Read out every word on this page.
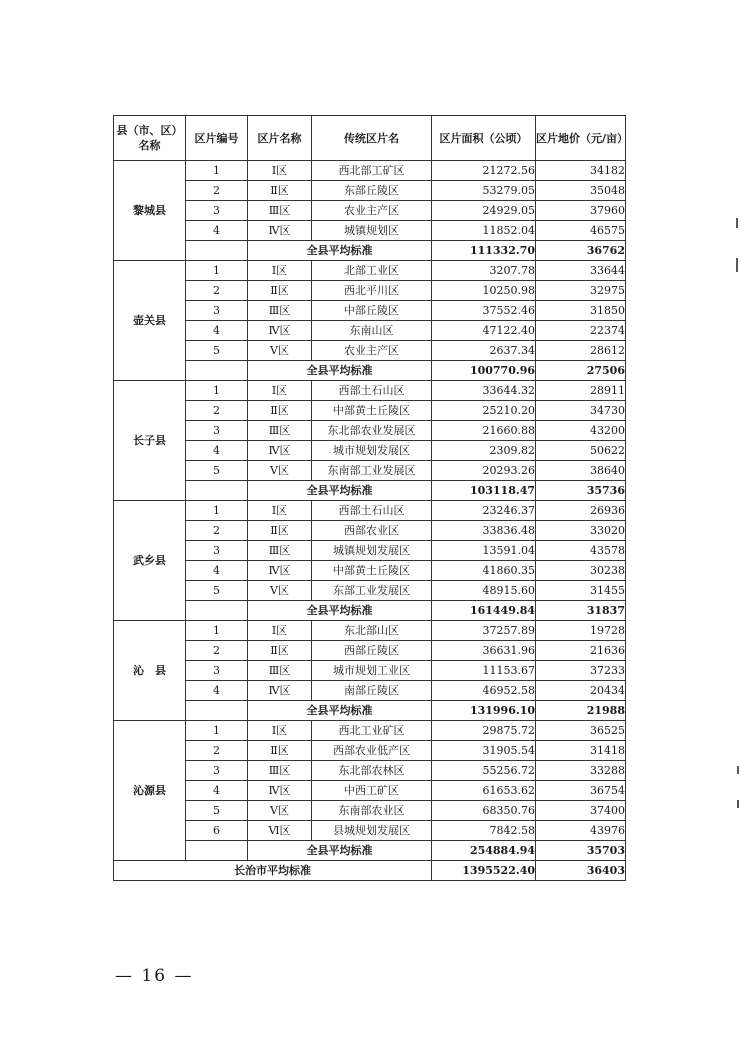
县（市、区）名称	区片编号	区片名称	传统区片名	区片面积（公顷）	区片地价（元/亩）
黎城县	1	Ⅰ区	西北部工矿区	21272.56	34182
	2	Ⅱ区	东部丘陵区	53279.05	35048
	3	Ⅲ区	农业主产区	24929.05	37960
	4	Ⅳ区	城镇规划区	11852.04	46575
		全县平均标准		111332.70	36762
壶关县	1	Ⅰ区	北部工业区	3207.78	33644
	2	Ⅱ区	西北平川区	10250.98	32975
	3	Ⅲ区	中部丘陵区	37552.46	31850
	4	Ⅳ区	东南山区	47122.40	22374
	5	Ⅴ区	农业主产区	2637.34	28612
		全县平均标准		100770.96	27506
长子县	1	Ⅰ区	西部土石山区	33644.32	28911
	2	Ⅱ区	中部黄土丘陵区	25210.20	34730
	3	Ⅲ区	东北部农业发展区	21660.88	43200
	4	Ⅳ区	城市规划发展区	2309.82	50622
	5	Ⅴ区	东南部工业发展区	20293.26	38640
		全县平均标准		103118.47	35736
武乡县	1	Ⅰ区	西部土石山区	23246.37	26936
	2	Ⅱ区	西部农业区	33836.48	33020
	3	Ⅲ区	城镇规划发展区	13591.04	43578
	4	Ⅳ区	中部黄土丘陵区	41860.35	30238
	5	Ⅴ区	东部工业发展区	48915.60	31455
		全县平均标准		161449.84	31837
沁　县	1	Ⅰ区	东北部山区	37257.89	19728
	2	Ⅱ区	西部丘陵区	36631.96	21636
	3	Ⅲ区	城市规划工业区	11153.67	37233
	4	Ⅳ区	南部丘陵区	46952.58	20434
		全县平均标准		131996.10	21988
沁源县	1	Ⅰ区	西北工业矿区	29875.72	36525
	2	Ⅱ区	西部农业低产区	31905.54	31418
	3	Ⅲ区	东北部农林区	55256.72	33288
	4	Ⅳ区	中西工矿区	61653.62	36754
	5	Ⅴ区	东南部农业区	68350.76	37400
	6	Ⅵ区	县城规划发展区	7842.58	43976
		全县平均标准		254884.94	35703
长治市平均标准				1395522.40	36403
— 16 —
